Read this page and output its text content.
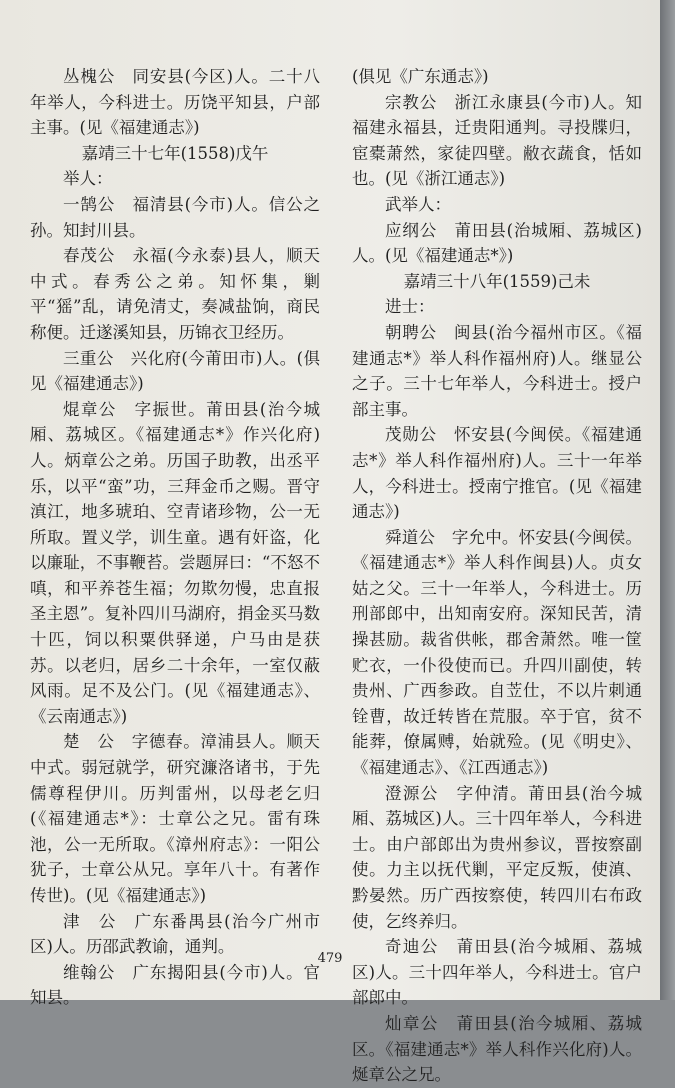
丛槐公　同安县(今区)人。二十八年举人，今科进士。历饶平知县，户部主事。(见《福建通志》)

嘉靖三十七年(1558)戊午

举人：

一鹄公　福清县(今市)人。信公之孙。知封川县。

春茂公　永福(今永泰)县人，顺天中式。春秀公之弟。知怀集，剿平“猺”乱，请免清丈，奏减盐饷，商民称便。迁遂溪知县，历锦衣卫经历。

三重公　兴化府(今莆田市)人。(俱见《福建通志》)

焜章公　字振世。莆田县(治今城厢、荔城区。《福建通志*》作兴化府)人。炳章公之弟。历国子助教，出丞平乐，以平“蛮”功，三拜金币之赐。晋守滇江，地多琥珀、空青诸珍物，公一无所取。置义学，训生童。遇有奸盗，化以廉耻，不事鞭苔。尝题屏曰：“不怒不嗔，和平养苍生福；勿欺勿慢，忠直报圣主恩”。复补四川马湖府，捐金买马数十匹，饲以积粟供驿递，户马由是获苏。以老归，居乡二十余年，一室仅蔽风雨。足不及公门。(见《福建通志》、《云南通志》)

楚　公　字德春。漳浦县人。顺天中式。弱冠就学，研究濂洛诸书，于先儒尊程伊川。历判雷州，以母老乞归(《福建通志*》：士章公之兄。雷有珠池，公一无所取。《漳州府志》：一阳公犹子，士章公从兄。享年八十。有著作传世)。(见《福建通志》)

津　公　广东番禺县(治今广州市区)人。历邵武教谕，通判。

维翰公　广东揭阳县(今市)人。官知县。

(俱见《广东通志》)

宗教公　浙江永康县(今市)人。知福建永福县，迁贵阳通判。寻投牒归，宦橐萧然，家徒四壁。敝衣蔬食，恬如也。(见《浙江通志》)

武举人：

应纲公　莆田县(治城厢、荔城区)人。(见《福建通志*》)

嘉靖三十八年(1559)己未

进士：

朝聘公　闽县(治今福州市区。《福建通志*》举人科作福州府)人。继显公之子。三十七年举人，今科进士。授户部主事。

茂勋公　怀安县(今闽侯。《福建通志*》举人科作福州府)人。三十一年举人，今科进士。授南宁推官。(见《福建通志》)

舜道公　字允中。怀安县(今闽侯。《福建通志*》举人科作闽县)人。贞女姑之父。三十一年举人，今科进士。历刑部郎中，出知南安府。深知民苦，清操甚励。裁省供帐，郡舍萧然。唯一筐贮衣，一仆役使而已。升四川副使，转贵州、广西参政。自苙仕，不以片刺通铨曹，故迁转皆在荒服。卒于官，贫不能葬，僚属赙，始就殓。(见《明史》、《福建通志》、《江西通志》)

澄源公　字仲清。莆田县(治今城厢、荔城区)人。三十四年举人，今科进士。由户部郎出为贵州参议，晋按察副使。力主以抚代剿，平定反叛，使滇、黔晏然。历广西按察使，转四川右布政使，乞终养归。

奇迪公　莆田县(治今城厢、荔城区)人。三十四年举人，今科进士。官户部郎中。

灿章公　莆田县(治今城厢、荔城区。《福建通志*》举人科作兴化府)人。烻章公之兄。

479
